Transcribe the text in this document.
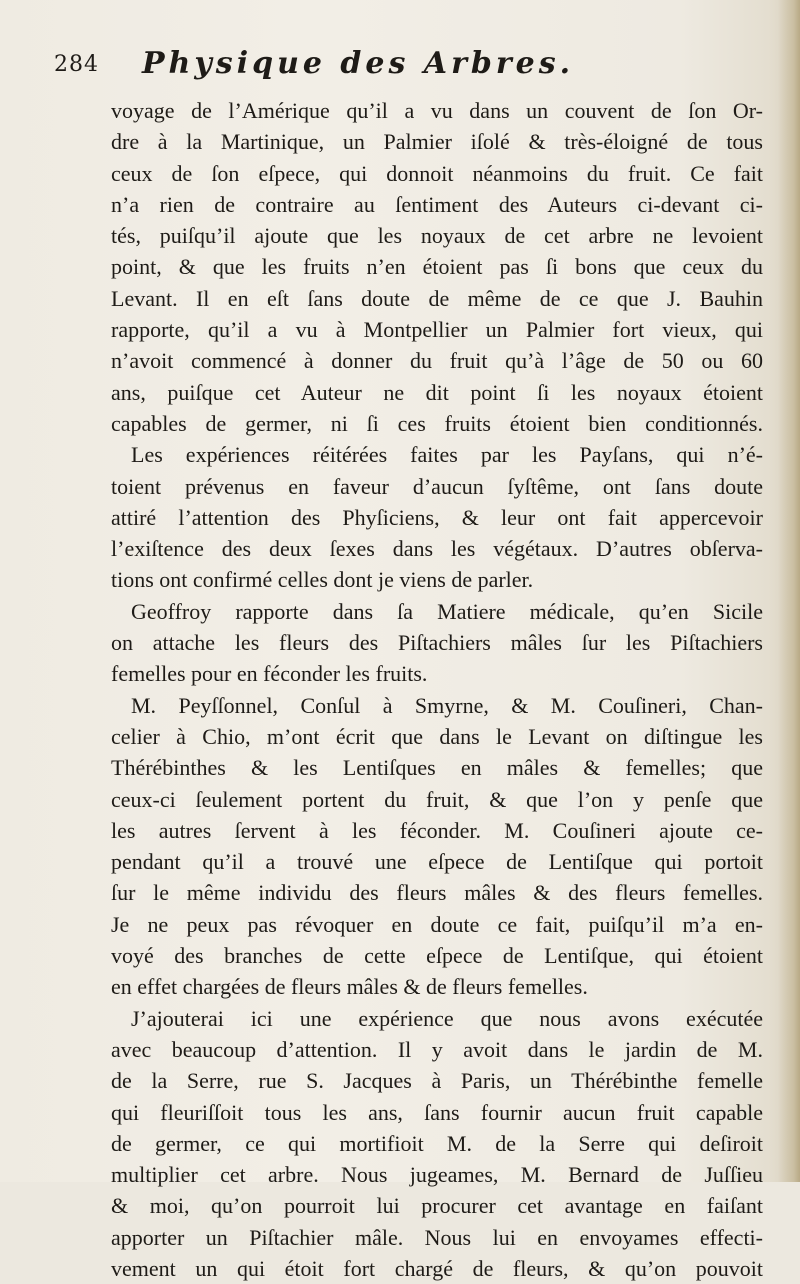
284 Physique des Arbres.
voyage de l’Amérique qu’il a vu dans un couvent de ſon Or-
dre à la Martinique, un Palmier iſolé & très-éloigné de tous
ceux de ſon eſpece, qui donnoit néanmoins du fruit. Ce fait
n’a rien de contraire au ſentiment des Auteurs ci-devant ci-
tés, puiſqu’il ajoute que les noyaux de cet arbre ne levoient
point, & que les fruits n’en étoient pas ſi bons que ceux du
Levant. Il en eſt ſans doute de même de ce que J. Bauhin
rapporte, qu’il a vu à Montpellier un Palmier fort vieux, qui
n’avoit commencé à donner du fruit qu’à l’âge de 50 ou 60
ans, puiſque cet Auteur ne dit point ſi les noyaux étoient
capables de germer, ni ſi ces fruits étoient bien conditionnés.
Les expériences réitérées faites par les Payſans, qui n’é-
toient prévenus en faveur d’aucun ſyſtême, ont ſans doute
attiré l’attention des Phyſiciens, & leur ont fait appercevoir
l’exiſtence des deux ſexes dans les végétaux. D’autres obſerva-
tions ont confirmé celles dont je viens de parler.
Geoffroy rapporte dans ſa Matiere médicale, qu’en Sicile
on attache les fleurs des Piſtachiers mâles ſur les Piſtachiers
femelles pour en féconder les fruits.
M. Peyſſonnel, Conſul à Smyrne, & M. Couſineri, Chan-
celier à Chio, m’ont écrit que dans le Levant on diſtingue les
Thérébinthes & les Lentiſques en mâles & femelles; que
ceux-ci ſeulement portent du fruit, & que l’on y penſe que
les autres ſervent à les féconder. M. Couſineri ajoute ce-
pendant qu’il a trouvé une eſpece de Lentiſque qui portoit
ſur le même individu des fleurs mâles & des fleurs femelles.
Je ne peux pas révoquer en doute ce fait, puiſqu’il m’a en-
voyé des branches de cette eſpece de Lentiſque, qui étoient
en effet chargées de fleurs mâles & de fleurs femelles.
J’ajouterai ici une expérience que nous avons exécutée
avec beaucoup d’attention. Il y avoit dans le jardin de M.
de la Serre, rue S. Jacques à Paris, un Thérébinthe femelle
qui fleuriſſoit tous les ans, ſans fournir aucun fruit capable
de germer, ce qui mortifioit M. de la Serre qui deſiroit
multiplier cet arbre. Nous jugeames, M. Bernard de Juſſieu
& moi, qu’on pourroit lui procurer cet avantage en faiſant
apporter un Piſtachier mâle. Nous lui en envoyames effecti-
vement un qui étoit fort chargé de fleurs, & qu’on pouvoit
